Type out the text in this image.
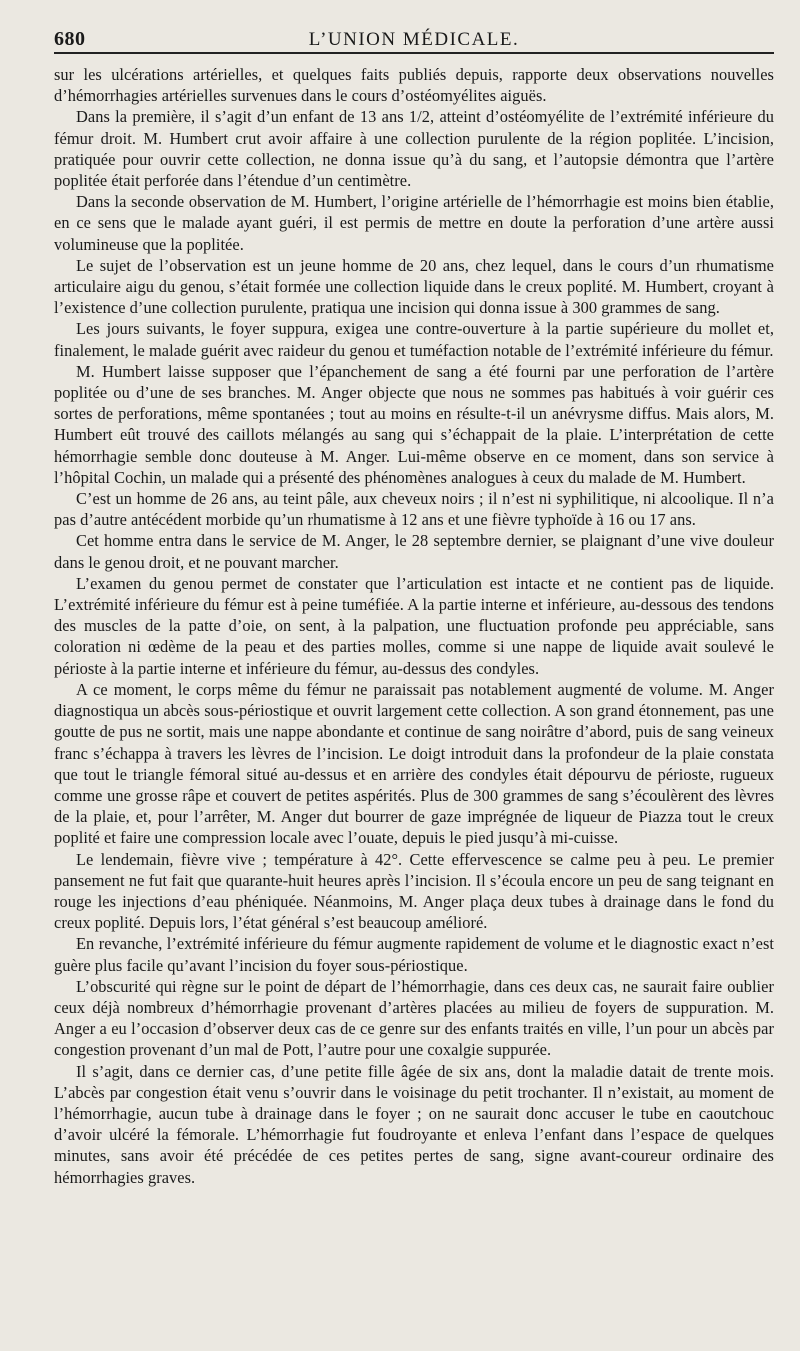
680	L’UNION MÉDICALE.

sur les ulcérations artérielles, et quelques faits publiés depuis, rapporte deux observations nouvelles d’hémorrhagies artérielles survenues dans le cours d’ostéomyélites aiguës.

Dans la première, il s’agit d’un enfant de 13 ans 1/2, atteint d’ostéomyélite de l’extrémité inférieure du fémur droit. M. Humbert crut avoir affaire à une collection purulente de la région poplitée. L’incision, pratiquée pour ouvrir cette collection, ne donna issue qu’à du sang, et l’autopsie démontra que l’artère poplitée était perforée dans l’étendue d’un centimètre.

Dans la seconde observation de M. Humbert, l’origine artérielle de l’hémorrhagie est moins bien établie, en ce sens que le malade ayant guéri, il est permis de mettre en doute la perforation d’une artère aussi volumineuse que la poplitée.

Le sujet de l’observation est un jeune homme de 20 ans, chez lequel, dans le cours d’un rhumatisme articulaire aigu du genou, s’était formée une collection liquide dans le creux poplité. M. Humbert, croyant à l’existence d’une collection purulente, pratiqua une incision qui donna issue à 300 grammes de sang.

Les jours suivants, le foyer suppura, exigea une contre-ouverture à la partie supérieure du mollet et, finalement, le malade guérit avec raideur du genou et tuméfaction notable de l’extrémité inférieure du fémur.

M. Humbert laisse supposer que l’épanchement de sang a été fourni par une perforation de l’artère poplitée ou d’une de ses branches. M. Anger objecte que nous ne sommes pas habitués à voir guérir ces sortes de perforations, même spontanées ; tout au moins en résulte-t-il un anévrysme diffus. Mais alors, M. Humbert eût trouvé des caillots mélangés au sang qui s’échappait de la plaie. L’interprétation de cette hémorrhagie semble donc douteuse à M. Anger. Lui-même observe en ce moment, dans son service à l’hôpital Cochin, un malade qui a présenté des phénomènes analogues à ceux du malade de M. Humbert.

C’est un homme de 26 ans, au teint pâle, aux cheveux noirs ; il n’est ni syphilitique, ni alcoolique. Il n’a pas d’autre antécédent morbide qu’un rhumatisme à 12 ans et une fièvre typhoïde à 16 ou 17 ans.

Cet homme entra dans le service de M. Anger, le 28 septembre dernier, se plaignant d’une vive douleur dans le genou droit, et ne pouvant marcher.

L’examen du genou permet de constater que l’articulation est intacte et ne contient pas de liquide. L’extrémité inférieure du fémur est à peine tuméfiée. A la partie interne et inférieure, au-dessous des tendons des muscles de la patte d’oie, on sent, à la palpation, une fluctuation profonde peu appréciable, sans coloration ni œdème de la peau et des parties molles, comme si une nappe de liquide avait soulevé le périoste à la partie interne et inférieure du fémur, au-dessus des condyles.

A ce moment, le corps même du fémur ne paraissait pas notablement augmenté de volume. M. Anger diagnostiqua un abcès sous-périostique et ouvrit largement cette collection. A son grand étonnement, pas une goutte de pus ne sortit, mais une nappe abondante et continue de sang noirâtre d’abord, puis de sang veineux franc s’échappa à travers les lèvres de l’incision. Le doigt introduit dans la profondeur de la plaie constata que tout le triangle fémoral situé au-dessus et en arrière des condyles était dépourvu de périoste, rugueux comme une grosse râpe et couvert de petites aspérités. Plus de 300 grammes de sang s’écoulèrent des lèvres de la plaie, et, pour l’arrêter, M. Anger dut bourrer de gaze imprégnée de liqueur de Piazza tout le creux poplité et faire une compression locale avec l’ouate, depuis le pied jusqu’à mi-cuisse.

Le lendemain, fièvre vive ; température à 42°. Cette effervescence se calme peu à peu. Le premier pansement ne fut fait que quarante-huit heures après l’incision. Il s’écoula encore un peu de sang teignant en rouge les injections d’eau phéniquée. Néanmoins, M. Anger plaça deux tubes à drainage dans le fond du creux poplité. Depuis lors, l’état général s’est beaucoup amélioré.

En revanche, l’extrémité inférieure du fémur augmente rapidement de volume et le diagnostic exact n’est guère plus facile qu’avant l’incision du foyer sous-périostique.

L’obscurité qui règne sur le point de départ de l’hémorrhagie, dans ces deux cas, ne saurait faire oublier ceux déjà nombreux d’hémorrhagie provenant d’artères placées au milieu de foyers de suppuration. M. Anger a eu l’occasion d’observer deux cas de ce genre sur des enfants traités en ville, l’un pour un abcès par congestion provenant d’un mal de Pott, l’autre pour une coxalgie suppurée.

Il s’agit, dans ce dernier cas, d’une petite fille âgée de six ans, dont la maladie datait de trente mois. L’abcès par congestion était venu s’ouvrir dans le voisinage du petit trochanter. Il n’existait, au moment de l’hémorrhagie, aucun tube à drainage dans le foyer ; on ne saurait donc accuser le tube en caoutchouc d’avoir ulcéré la fémorale. L’hémorrhagie fut foudroyante et enleva l’enfant dans l’espace de quelques minutes, sans avoir été précédée de ces petites pertes de sang, signe avant-coureur ordinaire des hémorrhagies graves.
